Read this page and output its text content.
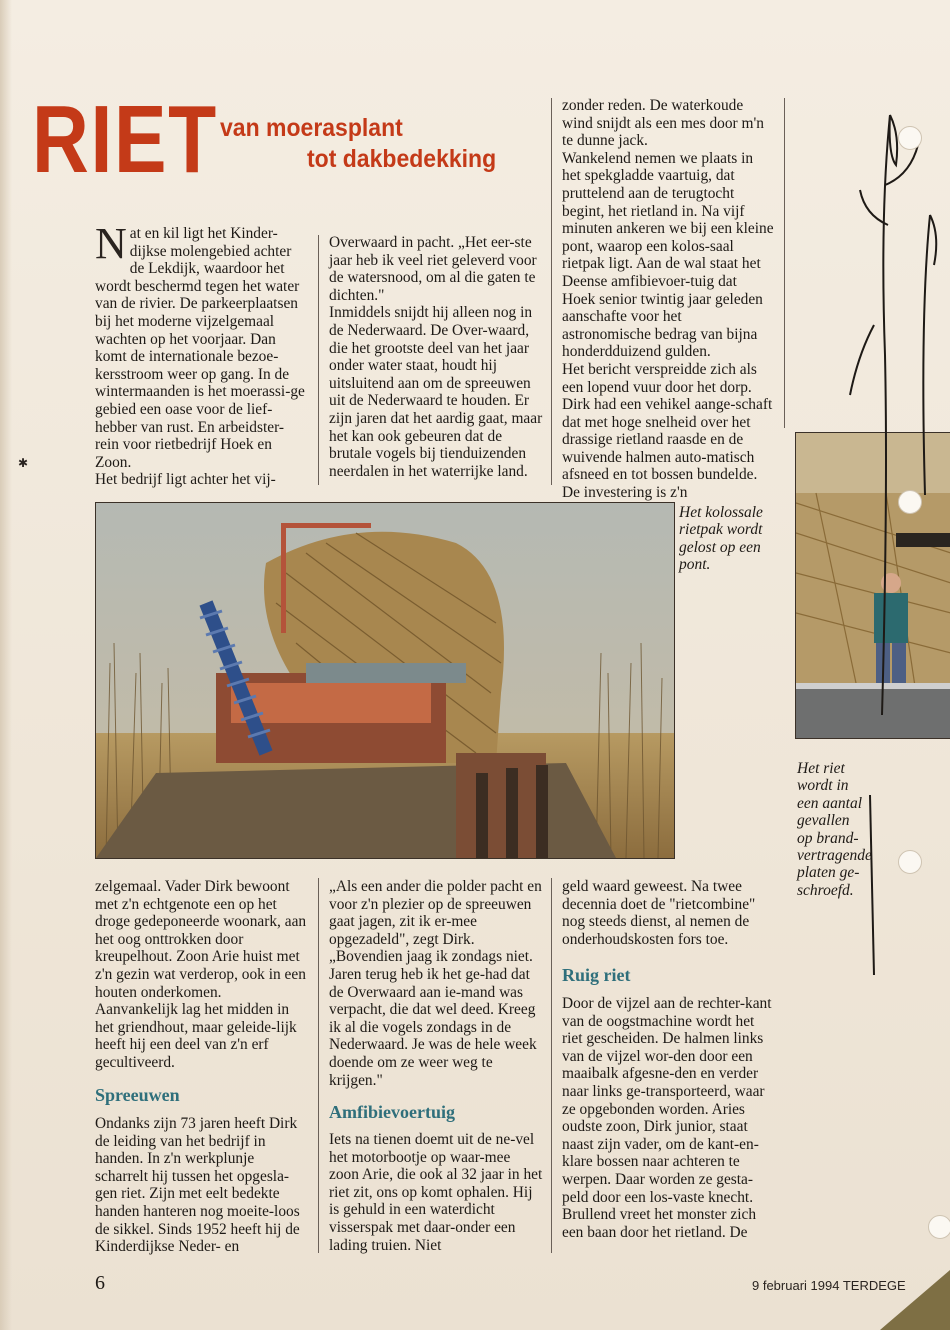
✱
RIET van moerasplant
tot dakbedekking

Nat en kil ligt het Kinder-dijkse molengebied achter de Lekdijk, waardoor het wordt beschermd tegen het water van de rivier. De parkeerplaatsen bij het moderne vijzelgemaal wachten op het voorjaar. Dan komt de internationale bezoe-kersstroom weer op gang. In de wintermaanden is het moerassi-ge gebied een oase voor de lief-hebber van rust. En arbeidster-rein voor rietbedrijf Hoek en Zoon.

Het bedrijf ligt achter het vij-

Overwaard in pacht. „Het eer-ste jaar heb ik veel riet geleverd voor de watersnood, om al die gaten te dichten."

Inmiddels snijdt hij alleen nog in de Nederwaard. De Over-waard, die het grootste deel van het jaar onder water staat, houdt hij uitsluitend aan om de spreeuwen uit de Nederwaard te houden. Er zijn jaren dat het aardig gaat, maar het kan ook gebeuren dat de brutale vogels bij tienduizenden neerdalen in het waterrijke land.

zonder reden. De waterkoude wind snijdt als een mes door m'n te dunne jack.

Wankelend nemen we plaats in het spekgladde vaartuig, dat pruttelend aan de terugtocht begint, het rietland in. Na vijf minuten ankeren we bij een kleine pont, waarop een kolos-saal rietpak ligt. Aan de wal staat het Deense amfibievoer-tuig dat Hoek senior twintig jaar geleden aanschafte voor het astronomische bedrag van bijna honderdduizend gulden.

Het bericht verspreidde zich als een lopend vuur door het dorp. Dirk had een vehikel aange-schaft dat met hoge snelheid over het drassige rietland raasde en de wuivende halmen auto-matisch afsneed en tot bossen bundelde. De investering is z'n

Het kolossale rietpak wordt gelost op een pont.

Het riet wordt in een aantal gevallen op brand-vertragende platen ge-schroefd.

zelgemaal. Vader Dirk bewoont met z'n echtgenote een op het droge gedeponeerde woonark, aan het oog onttrokken door kreupelhout. Zoon Arie huist met z'n gezin wat verderop, ook in een houten onderkomen. Aanvankelijk lag het midden in het griendhout, maar geleide-lijk heeft hij een deel van z'n erf gecultiveerd.

Spreeuwen

Ondanks zijn 73 jaren heeft Dirk de leiding van het bedrijf in handen. In z'n werkplunje scharrelt hij tussen het opgesla-gen riet. Zijn met eelt bedekte handen hanteren nog moeite-loos de sikkel. Sinds 1952 heeft hij de Kinderdijkse Neder- en

„Als een ander die polder pacht en voor z'n plezier op de spreeuwen gaat jagen, zit ik er-mee opgezadeld", zegt Dirk. „Bovendien jaag ik zondags niet. Jaren terug heb ik het ge-had dat de Overwaard aan ie-mand was verpacht, die dat wel deed. Kreeg ik al die vogels zondags in de Nederwaard. Je was de hele week doende om ze weer weg te krijgen."

Amfibievoertuig

Iets na tienen doemt uit de ne-vel het motorbootje op waar-mee zoon Arie, die ook al 32 jaar in het riet zit, ons op komt ophalen. Hij is gehuld in een waterdicht visserspak met daar-onder een lading truien. Niet

geld waard geweest. Na twee decennia doet de "rietcombine" nog steeds dienst, al nemen de onderhoudskosten fors toe.

Ruig riet

Door de vijzel aan de rechter-kant van de oogstmachine wordt het riet gescheiden. De halmen links van de vijzel wor-den door een maaibalk afgesne-den en verder naar links ge-transporteerd, waar ze opgebonden worden. Aries oudste zoon, Dirk junior, staat naast zijn vader, om de kant-en-klare bossen naar achteren te werpen. Daar worden ze gesta-peld door een los-vaste knecht. Brullend vreet het monster zich een baan door het rietland. De

6	9 februari 1994 TERDEGE
